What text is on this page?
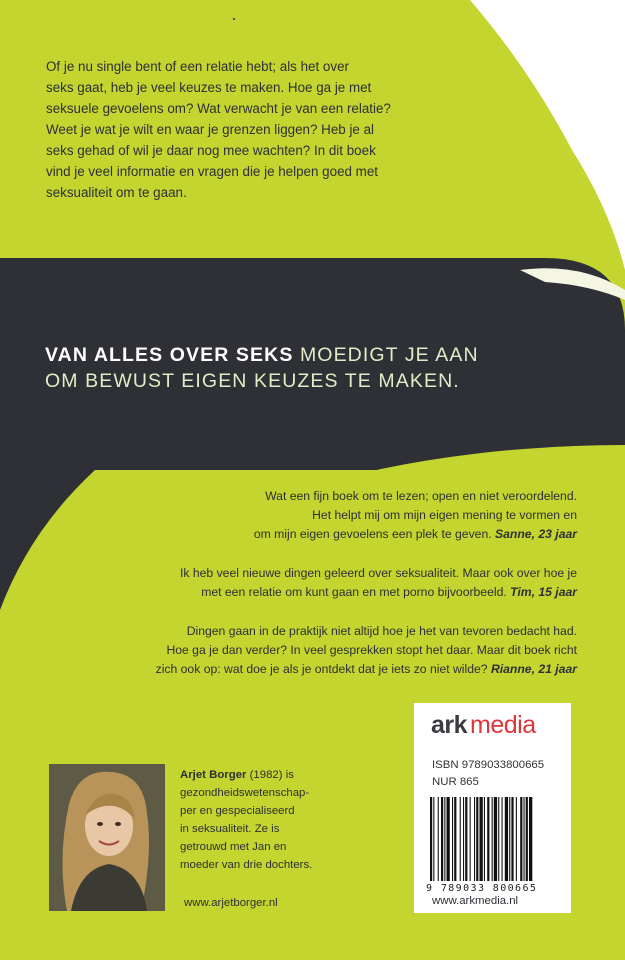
Of je nu single bent of een relatie hebt; als het over
seks gaat, heb je veel keuzes te maken. Hoe ga je met
seksuele gevoelens om? Wat verwacht je van een relatie?
Weet je wat je wilt en waar je grenzen liggen? Heb je al
seks gehad of wil je daar nog mee wachten? In dit boek
vind je veel informatie en vragen die je helpen goed met
seksualiteit om te gaan.
VAN ALLES OVER SEKS MOEDIGT JE AAN
OM BEWUST EIGEN KEUZES TE MAKEN.
Wat een fijn boek om te lezen; open en niet veroordelend.
Het helpt mij om mijn eigen mening te vormen en
om mijn eigen gevoelens een plek te geven. Sanne, 23 jaar
Ik heb veel nieuwe dingen geleerd over seksualiteit. Maar ook over hoe je
met een relatie om kunt gaan en met porno bijvoorbeeld. Tim, 15 jaar
Dingen gaan in de praktijk niet altijd hoe je het van tevoren bedacht had.
Hoe ga je dan verder? In veel gesprekken stopt het daar. Maar dit boek richt
zich ook op: wat doe je als je ontdekt dat je iets zo niet wilde? Rianne, 21 jaar
Arjet Borger (1982) is
gezondheidswetenschap-
per en gespecialiseerd
in seksualiteit. Ze is
getrouwd met Jan en
moeder van drie dochters.
www.arjetborger.nl
ark media
ISBN 9789033800665
NUR 865
9 789033 800665
www.arkmedia.nl
